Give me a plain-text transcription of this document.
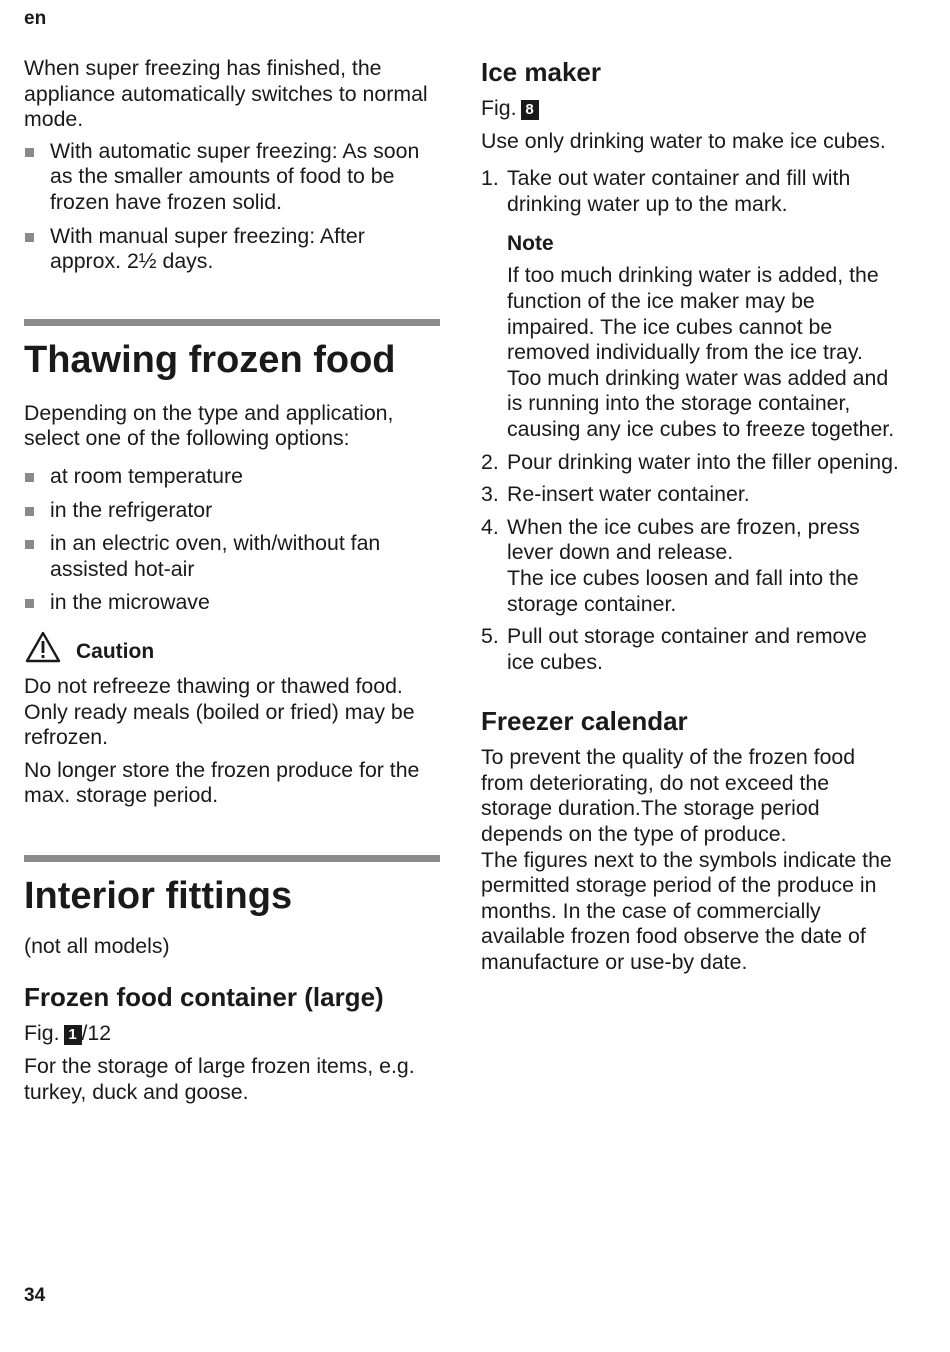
en

When super freezing has finished, the appliance automatically switches to normal mode.

With automatic super freezing: As soon as the smaller amounts of food to be frozen have frozen solid.
With manual super freezing: After approx. 2½ days.
Thawing frozen food

Depending on the type and application, select one of the following options:

at room temperature
in the refrigerator
in an electric oven, with/without fan assisted hot-air
in the microwave
Caution

Do not refreeze thawing or thawed food. Only ready meals (boiled or fried) may be refrozen.

No longer store the frozen produce for the max. storage period.

Interior fittings

(not all models)

Frozen food container (large)

Fig. 1 /12

For the storage of large frozen items, e.g. turkey, duck and goose.

Ice maker

Fig. 8

Use only drinking water to make ice cubes.

1. Take out water container and fill with drinking water up to the mark.
Note

If too much drinking water is added, the function of the ice maker may be impaired. The ice cubes cannot be removed individually from the ice tray. Too much drinking water was added and is running into the storage container, causing any ice cubes to freeze together.

2. Pour drinking water into the filler opening.
3. Re-insert water container.
4. When the ice cubes are frozen, press lever down and release.
The ice cubes loosen and fall into the storage container.
5. Pull out storage container and remove ice cubes.
Freezer calendar

To prevent the quality of the frozen food from deteriorating, do not exceed the storage duration.The storage period depends on the type of produce.

The figures next to the symbols indicate the permitted storage period of the produce in months. In the case of commercially available frozen food observe the date of manufacture or use-by date.

34
